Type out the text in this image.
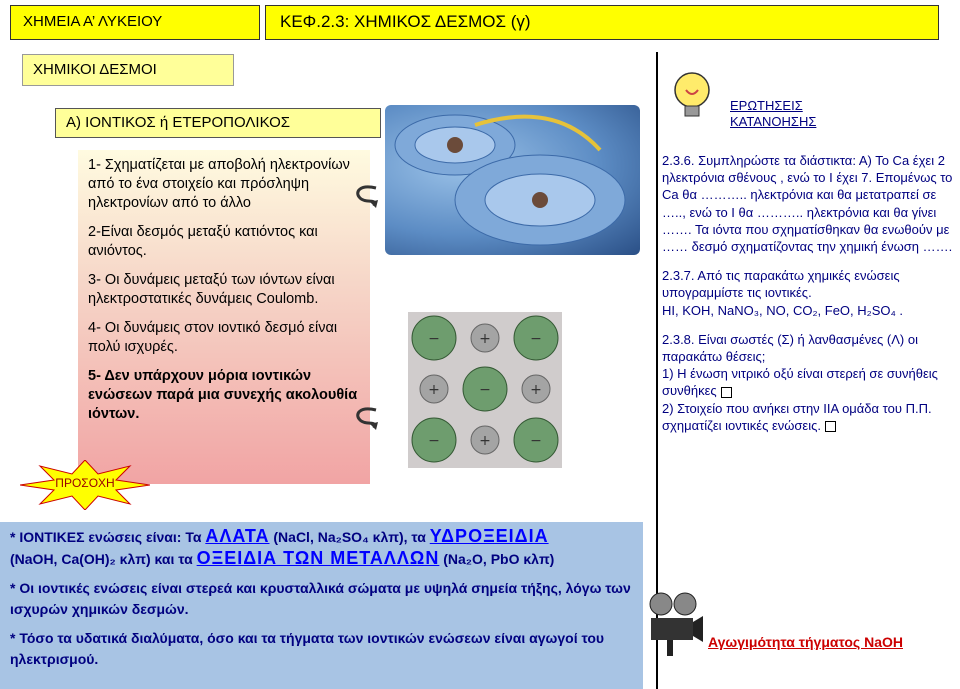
ΧΗΜΕΙΑ Α’ ΛΥΚΕΙΟΥ	ΚΕΦ.2.3: ΧΗΜΙΚΟΣ ΔΕΣΜΟΣ (γ)
ΧΗΜΙΚΟΙ ΔΕΣΜΟΙ
Α) ΙΟΝΤΙΚΟΣ ή ΕΤΕΡΟΠΟΛΙΚΟΣ

1- Σχηματίζεται με αποβολή ηλεκτρονίων από το ένα στοιχείο και πρόσληψη ηλεκτρονίων από το άλλο

2-Είναι δεσμός μεταξύ κατιόντος και ανιόντος.

3- Οι δυνάμεις μεταξύ των ιόντων είναι ηλεκτροστατικές δυνάμεις Coulomb.

4- Οι δυνάμεις στον ιοντικό δεσμό είναι πολύ ισχυρές.

5- Δεν υπάρχουν μόρια ιοντικών ενώσεων παρά μια συνεχής ακολουθία ιόντων.

ΠΡΟΣΟΧΗ
+
+	+
+
−	−
−
−	−
ΕΡΩΤΗΣΕΙΣ ΚΑΤΑΝΟΗΣΗΣ

2.3.6. Συμπληρώστε τα διάστικτα: Α) Το Ca έχει 2 ηλεκτρόνια σθένους , ενώ το Ι έχει 7. Επομένως το Ca θα ……….. ηλεκτρόνια και θα μετατραπεί σε ….., ενώ το Ι θα ……….. ηλεκτρόνια και θα γίνει ……. Τα ιόντα που σχηματίσθηκαν θα ενωθούν με …… δεσμό σχηματίζοντας την χημική ένωση …….

2.3.7. Από τις παρακάτω χημικές ενώσεις υπογραμμίστε τις ιοντικές.
HI, KOH, NaNO₃, NO, CO₂, FeO, H₂SO₄ .

2.3.8. Είναι σωστές (Σ) ή λανθασμένες (Λ) οι παρακάτω θέσεις;
1) Η ένωση νιτρικό οξύ είναι στερεή σε συνήθεις συνθήκες
2) Στοιχείο που ανήκει στην ΙΙΑ ομάδα του Π.Π. σχηματίζει ιοντικές ενώσεις.

* ΙΟΝΤΙΚΕΣ ενώσεις είναι: Τα ΑΛΑΤΑ (NaCl, Na₂SO₄ κλπ), τα ΥΔΡΟΞΕΙΔΙΑ

(NaOH, Ca(OH)₂ κλπ) και τα ΟΞΕΙΔΙΑ ΤΩΝ ΜΕΤΑΛΛΩΝ (Na₂O, PbO κλπ)

* Οι ιοντικές ενώσεις είναι στερεά και κρυσταλλικά σώματα με υψηλά σημεία τήξης, λόγω των ισχυρών χημικών δεσμών.

* Τόσο τα υδατικά διαλύματα, όσο και τα τήγματα των ιοντικών ενώσεων είναι αγωγοί του ηλεκτρισμού.

Αγωγιμότητα τήγματος NaOH
